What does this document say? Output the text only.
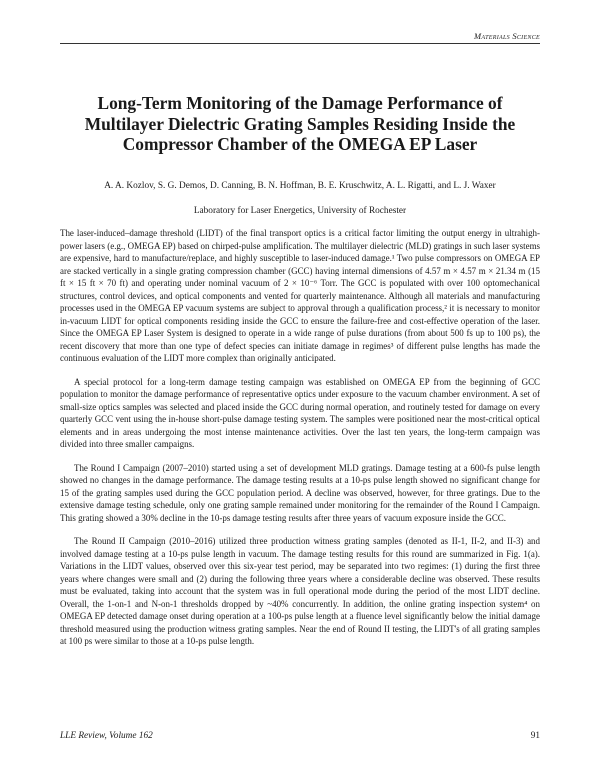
Materials Science
Long-Term Monitoring of the Damage Performance of Multilayer Dielectric Grating Samples Residing Inside the Compressor Chamber of the OMEGA EP Laser
A. A. Kozlov, S. G. Demos, D. Canning, B. N. Hoffman, B. E. Kruschwitz, A. L. Rigatti, and L. J. Waxer
Laboratory for Laser Energetics, University of Rochester

The laser-induced–damage threshold (LIDT) of the final transport optics is a critical factor limiting the output energy in ultrahigh-power lasers (e.g., OMEGA EP) based on chirped-pulse amplification. The multilayer dielectric (MLD) gratings in such laser systems are expensive, hard to manufacture/replace, and highly susceptible to laser-induced damage.¹ Two pulse compressors on OMEGA EP are stacked vertically in a single grating compression chamber (GCC) having internal dimensions of 4.57 m × 4.57 m × 21.34 m (15 ft × 15 ft × 70 ft) and operating under nominal vacuum of 2 × 10⁻⁶ Torr. The GCC is populated with over 100 optomechanical structures, control devices, and optical components and vented for quarterly maintenance. Although all materials and manufacturing processes used in the OMEGA EP vacuum systems are subject to approval through a qualification process,² it is necessary to monitor in-vacuum LIDT for optical components residing inside the GCC to ensure the failure-free and cost-effective operation of the laser. Since the OMEGA EP Laser System is designed to operate in a wide range of pulse durations (from about 500 fs up to 100 ps), the recent discovery that more than one type of defect species can initiate damage in regimes³ of different pulse lengths has made the continuous evaluation of the LIDT more complex than originally anticipated.

A special protocol for a long-term damage testing campaign was established on OMEGA EP from the beginning of GCC population to monitor the damage performance of representative optics under exposure to the vacuum chamber environment. A set of small-size optics samples was selected and placed inside the GCC during normal operation, and routinely tested for damage on every quarterly GCC vent using the in-house short-pulse damage testing system. The samples were positioned near the most-critical optical elements and in areas undergoing the most intense maintenance activities. Over the last ten years, the long-term campaign was divided into three smaller campaigns.

The Round I Campaign (2007–2010) started using a set of development MLD gratings. Damage testing at a 600-fs pulse length showed no changes in the damage performance. The damage testing results at a 10-ps pulse length showed no significant change for 15 of the grating samples used during the GCC population period. A decline was observed, however, for three gratings. Due to the extensive damage testing schedule, only one grating sample remained under monitoring for the remainder of the Round I Campaign. This grating showed a 30% decline in the 10-ps damage testing results after three years of vacuum exposure inside the GCC.

The Round II Campaign (2010–2016) utilized three production witness grating samples (denoted as II-1, II-2, and II-3) and involved damage testing at a 10-ps pulse length in vacuum. The damage testing results for this round are summarized in Fig. 1(a). Variations in the LIDT values, observed over this six-year test period, may be separated into two regimes: (1) during the first three years where changes were small and (2) during the following three years where a considerable decline was observed. These results must be evaluated, taking into account that the system was in full operational mode during the period of the most LIDT decline. Overall, the 1-on-1 and N-on-1 thresholds dropped by ~40% concurrently. In addition, the online grating inspection system⁴ on OMEGA EP detected damage onset during operation at a 100-ps pulse length at a fluence level significantly below the initial damage threshold measured using the production witness grating samples. Near the end of Round II testing, the LIDT's of all grating samples at 100 ps were similar to those at a 10-ps pulse length.

LLE Review, Volume 162	91
